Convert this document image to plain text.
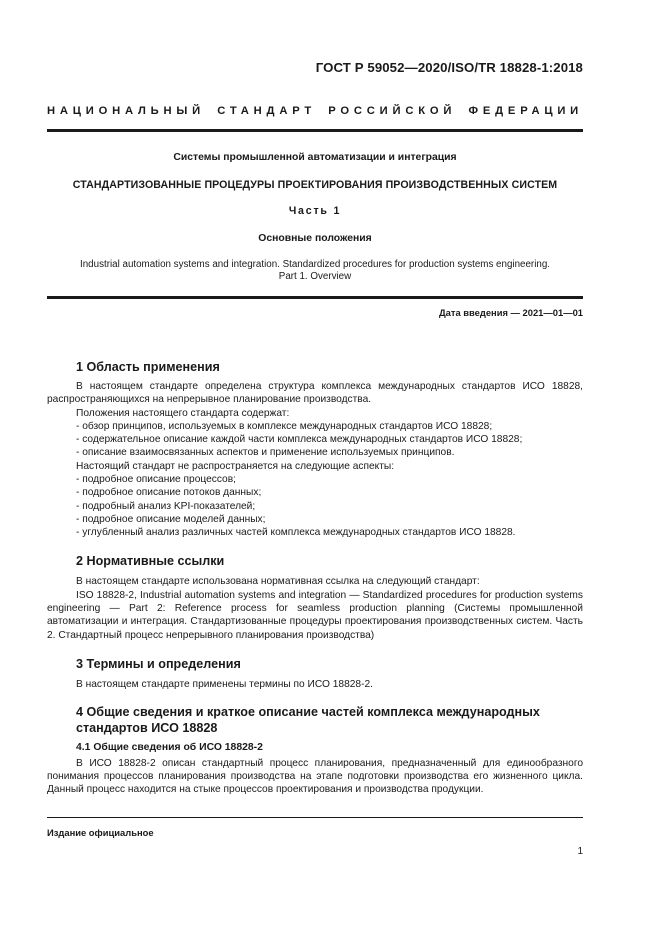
ГОСТ Р 59052—2020/ISO/TR 18828-1:2018
НАЦИОНАЛЬНЫЙ СТАНДАРТ РОССИЙСКОЙ ФЕДЕРАЦИИ
Системы промышленной автоматизации и интеграция
СТАНДАРТИЗОВАННЫЕ ПРОЦЕДУРЫ ПРОЕКТИРОВАНИЯ ПРОИЗВОДСТВЕННЫХ СИСТЕМ
Часть 1
Основные положения
Industrial automation systems and integration. Standardized procedures for production systems engineering.
Part 1. Overview
Дата введения — 2021—01—01
1 Область применения
В настоящем стандарте определена структура комплекса международных стандартов ИСО 18828, распространяющихся на непрерывное планирование производства.
Положения настоящего стандарта содержат:
- обзор принципов, используемых в комплексе международных стандартов ИСО 18828;
- содержательное описание каждой части комплекса международных стандартов ИСО 18828;
- описание взаимосвязанных аспектов и применение используемых принципов.
Настоящий стандарт не распространяется на следующие аспекты:
- подробное описание процессов;
- подробное описание потоков данных;
- подробный анализ KPI-показателей;
- подробное описание моделей данных;
- углубленный анализ различных частей комплекса международных стандартов ИСО 18828.
2 Нормативные ссылки
В настоящем стандарте использована нормативная ссылка на следующий стандарт:
ISO 18828-2, Industrial automation systems and integration — Standardized procedures for production systems engineering — Part 2: Reference process for seamless production planning (Системы промышленной автоматизации и интеграция. Стандартизованные процедуры проектирования производственных систем. Часть 2. Стандартный процесс непрерывного планирования производства)
3 Термины и определения
В настоящем стандарте применены термины по ИСО 18828-2.
4 Общие сведения и краткое описание частей комплекса международных
стандартов ИСО 18828
4.1 Общие сведения об ИСО 18828-2
В ИСО 18828-2 описан стандартный процесс планирования, предназначенный для единообразного понимания процессов планирования производства на этапе подготовки производства его жизненного цикла. Данный процесс находится на стыке процессов проектирования и производства продукции.
Издание официальное
1
